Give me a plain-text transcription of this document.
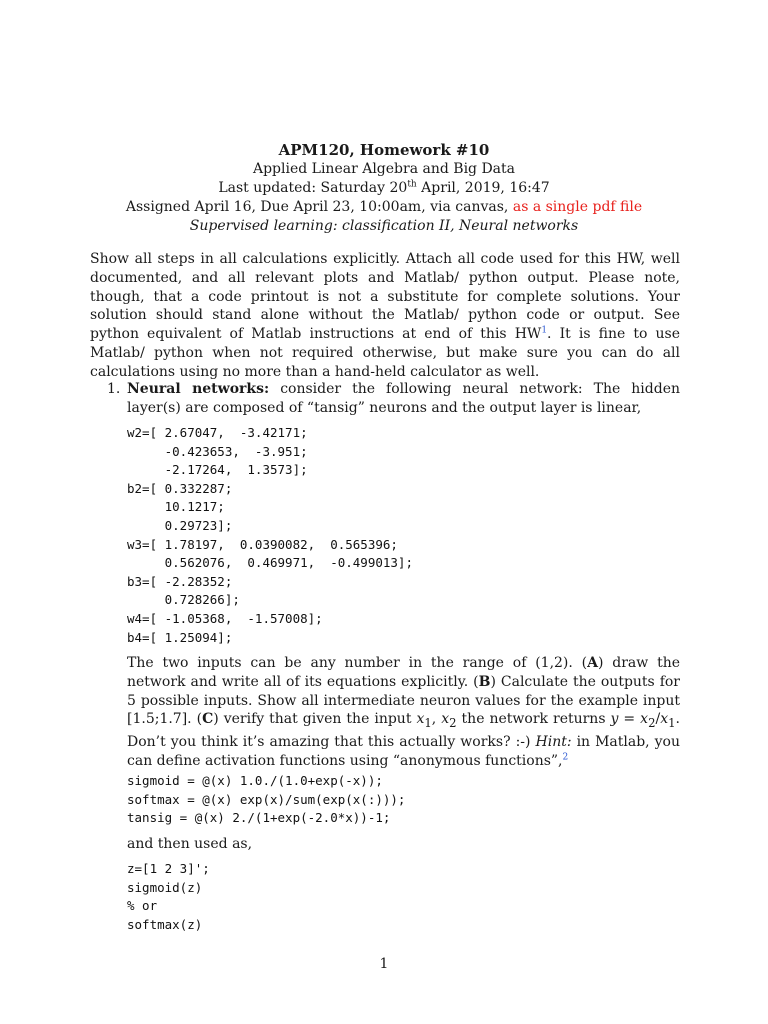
APM120, Homework #10
Applied Linear Algebra and Big Data
Last updated: Saturday 20th April, 2019, 16:47
Assigned April 16, Due April 23, 10:00am, via canvas, as a single pdf file
Supervised learning: classification II, Neural networks
Show all steps in all calculations explicitly. Attach all code used for this HW, well documented, and all relevant plots and Matlab/ python output. Please note, though, that a code printout is not a substitute for complete solutions. Your solution should stand alone without the Matlab/ python code or output. See python equivalent of Matlab instructions at end of this $HW^1$. It is fine to use Matlab/ python when not required otherwise, but make sure you can do all calculations using no more than a hand-held calculator as well.
1. Neural networks: consider the following neural network: The hidden layer(s) are composed of “tansig” neurons and the output layer is linear,
w2=[ 2.67047,  -3.42171;
-0.423653,  -3.951;
-2.17264,  1.3573];
b2=[ 0.332287;
10.1217;
0.29723];
w3=[ 1.78197,  0.0390082,  0.565396;
0.562076,  0.469971,  -0.499013];
b3=[ -2.28352;
0.728266];
w4=[ -1.05368,  -1.57008];
b4=[ 1.25094];
The two inputs can be any number in the range of (1,2). (A) draw the network and write all of its equations explicitly. (B) Calculate the outputs for 5 possible inputs. Show all intermediate neuron values for the example input [1.5;1.7]. (C) verify that given the input $x_1$, $x_2$ the network returns $y = x_2/x_1$. Don’t you think it’s amazing that this actually works? :-) Hint: in Matlab, you can define activation functions using “anonymous functions”,$^2$
sigmoid = @(x) 1.0./(1.0+exp(-x));
softmax = @(x) exp(x)/sum(exp(x(:)));
tansig = @(x) 2./(1+exp(-2.0*x))-1;
and then used as,
z=[1 2 3]';
sigmoid(z)
% or
softmax(z)
1
